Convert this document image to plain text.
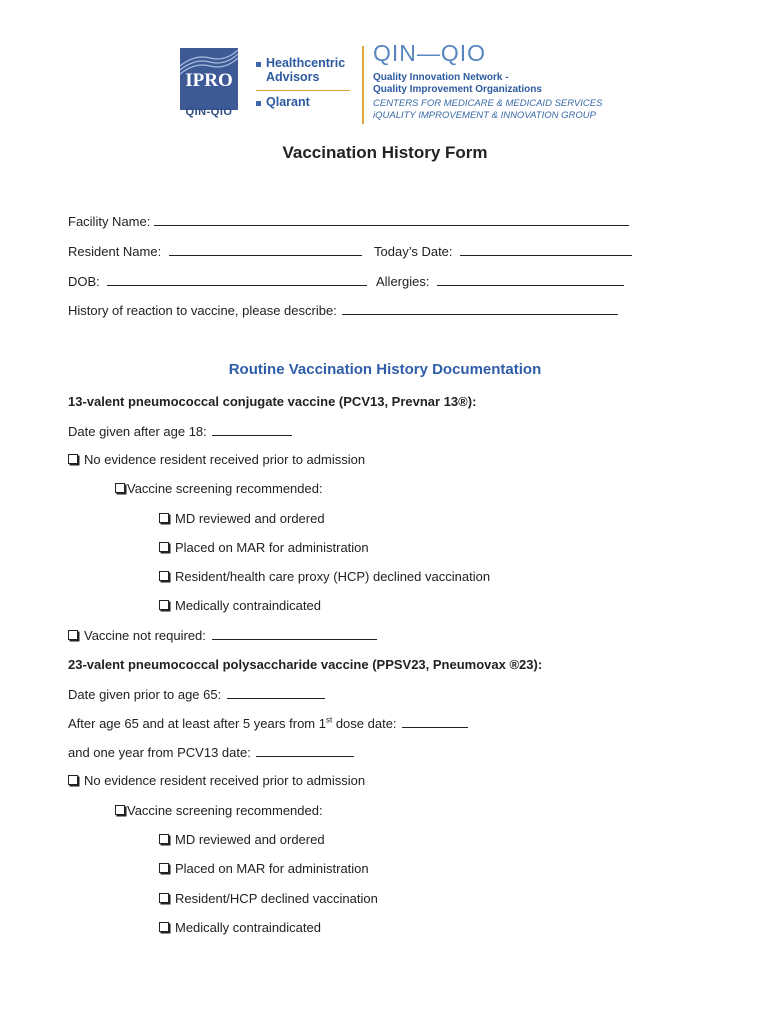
IPRO
QIN-QIO
Healthcentric
Advisors
Qlarant
QIN—QIO
Quality Innovation Network -
Quality Improvement Organizations
CENTERS FOR MEDICARE & MEDICAID SERVICES
iQUALITY IMPROVEMENT & INNOVATION GROUP
Vaccination History Form
Facility Name:
Resident Name:	Today’s Date:
DOB:	Allergies:
History of reaction to vaccine, please describe:
Routine Vaccination History Documentation
13-valent pneumococcal conjugate vaccine (PCV13, Prevnar 13®):
Date given after age 18:
No evidence resident received prior to admission
Vaccine screening recommended:
MD reviewed and ordered
Placed on MAR for administration
Resident/health care proxy (HCP) declined vaccination
Medically contraindicated
Vaccine not required:
23-valent pneumococcal polysaccharide vaccine (PPSV23, Pneumovax ®23):
Date given prior to age 65:
After age 65 and at least after 5 years from 1st dose date:
and one year from PCV13 date:
No evidence resident received prior to admission
Vaccine screening recommended:
MD reviewed and ordered
Placed on MAR for administration
Resident/HCP declined vaccination
Medically contraindicated
